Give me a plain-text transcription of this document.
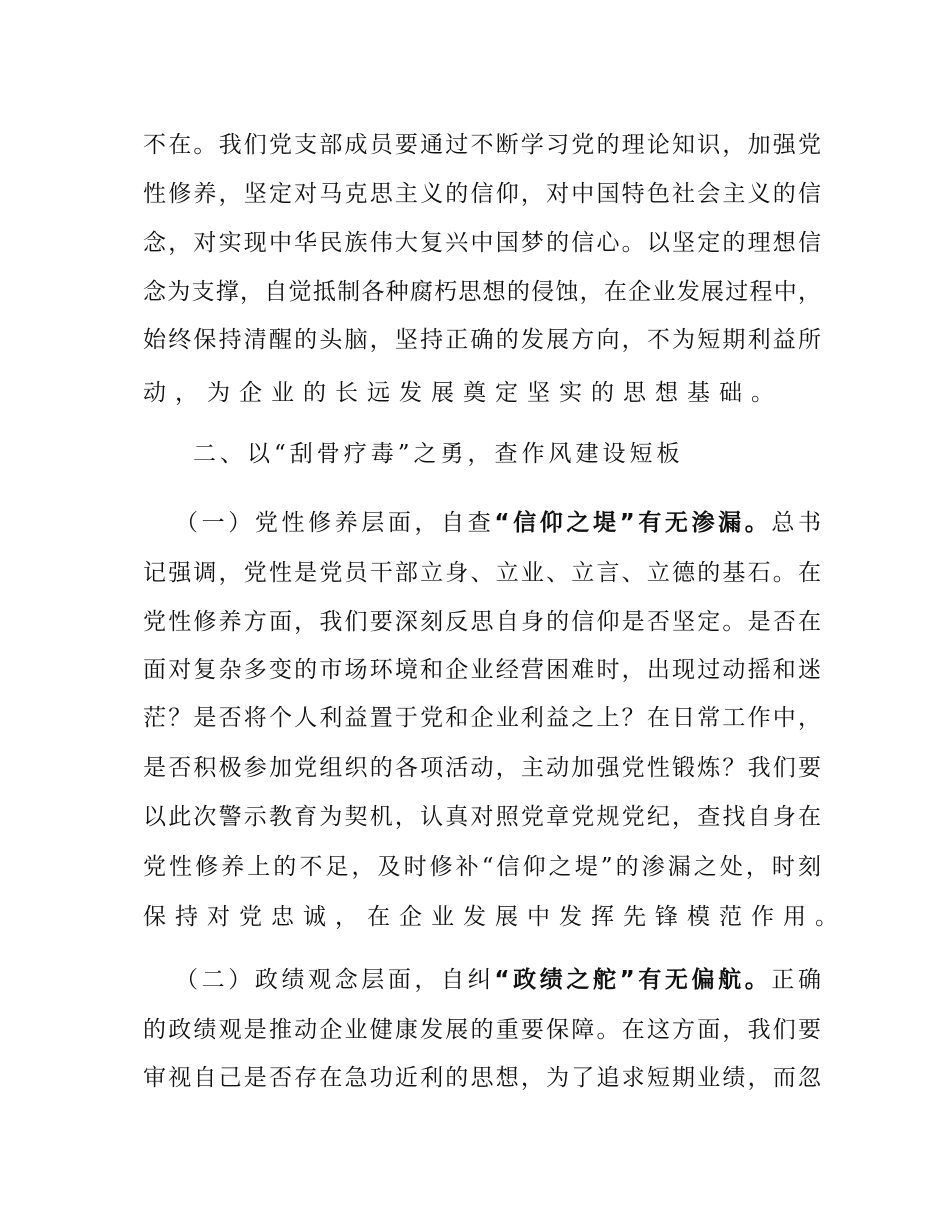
不在。我们党支部成员要通过不断学习党的理论知识，加强党
性修养，坚定对马克思主义的信仰，对中国特色社会主义的信
念，对实现中华民族伟大复兴中国梦的信心。以坚定的理想信
念为支撑，自觉抵制各种腐朽思想的侵蚀，在企业发展过程中，
始终保持清醒的头脑，坚持正确的发展方向，不为短期利益所
动，为企业的长远发展奠定坚实的思想基础。
二、以“刮骨疗毒”之勇，查作风建设短板
（一）党性修养层面，自查“信仰之堤”有无渗漏。总书
记强调，党性是党员干部立身、立业、立言、立德的基石。在
党性修养方面，我们要深刻反思自身的信仰是否坚定。是否在
面对复杂多变的市场环境和企业经营困难时，出现过动摇和迷
茫？是否将个人利益置于党和企业利益之上？在日常工作中，
是否积极参加党组织的各项活动，主动加强党性锻炼？我们要
以此次警示教育为契机，认真对照党章党规党纪，查找自身在
党性修养上的不足，及时修补“信仰之堤”的渗漏之处，时刻
保持对党忠诚，在企业发展中发挥先锋模范作用。
（二）政绩观念层面，自纠“政绩之舵”有无偏航。正确
的政绩观是推动企业健康发展的重要保障。在这方面，我们要
审视自己是否存在急功近利的思想，为了追求短期业绩，而忽
